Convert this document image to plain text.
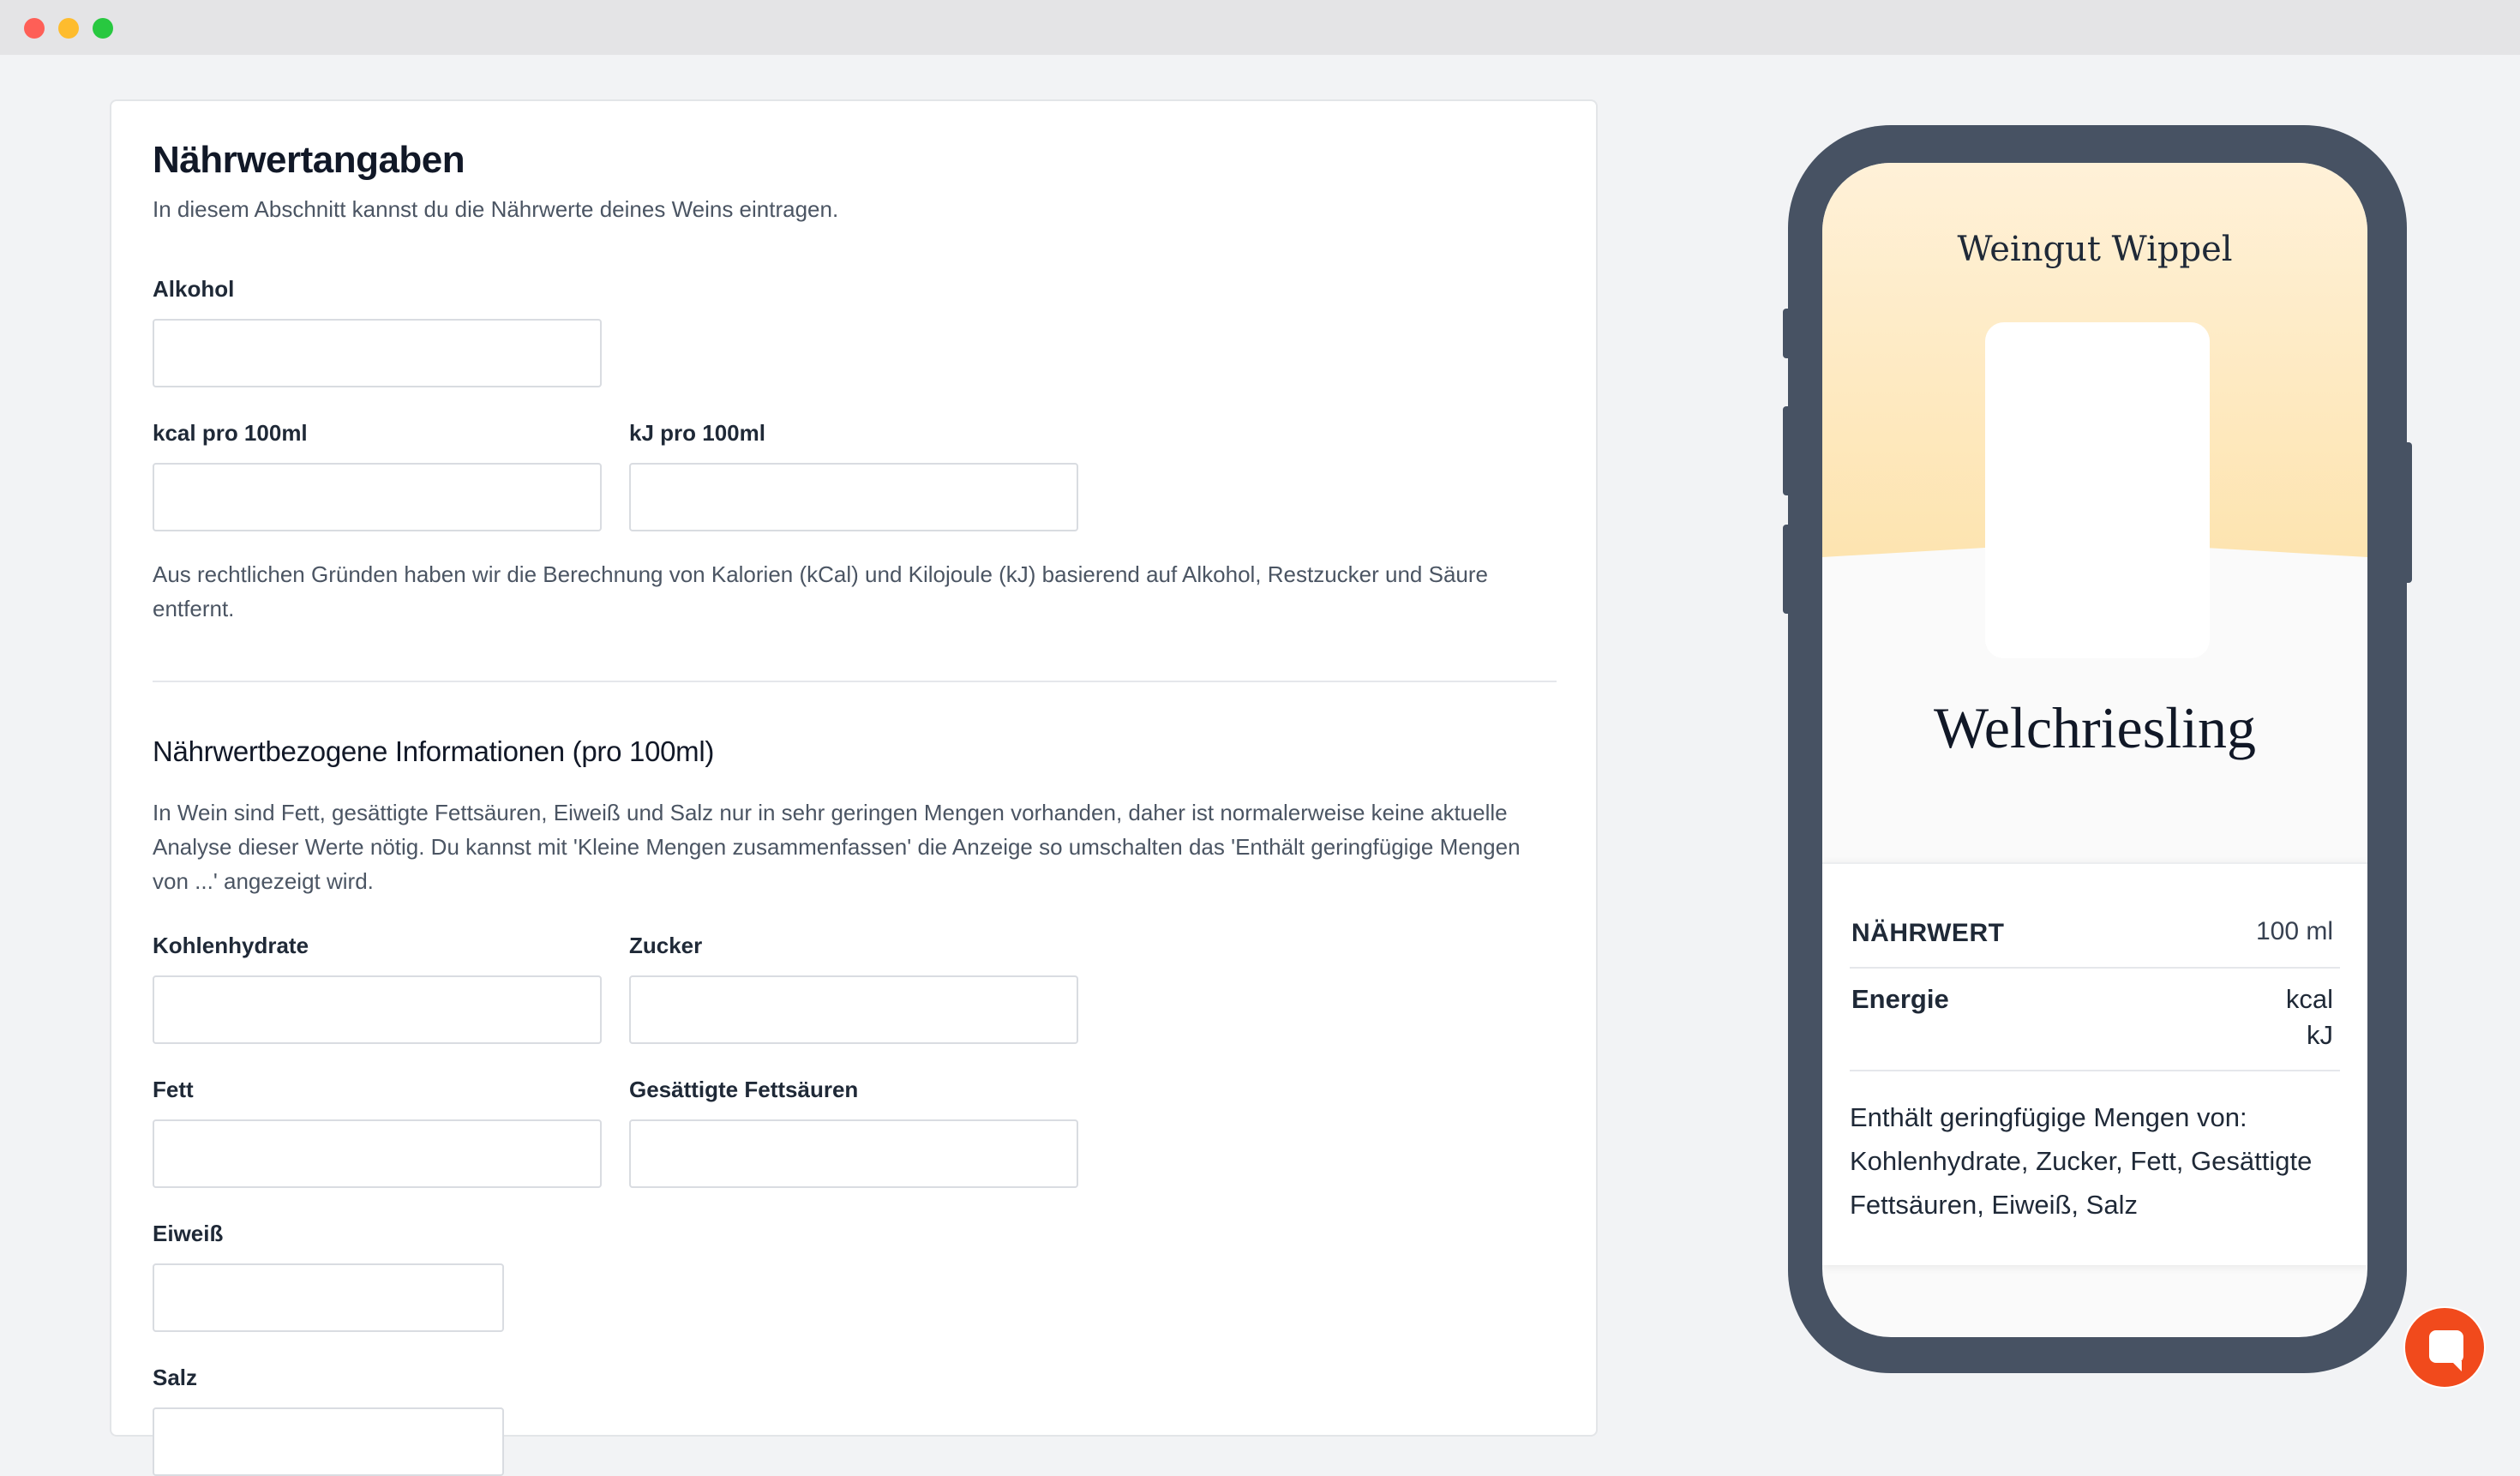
Nährwertangaben
In diesem Abschnitt kannst du die Nährwerte deines Weins eintragen.
Alkohol
kcal pro 100ml	kJ pro 100ml
Aus rechtlichen Gründen haben wir die Berechnung von Kalorien (kCal) und Kilojoule (kJ) basierend auf Alkohol, Restzucker und Säure entfernt.
Nährwertbezogene Informationen (pro 100ml)
In Wein sind Fett, gesättigte Fettsäuren, Eiweiß und Salz nur in sehr geringen Mengen vorhanden, daher ist normalerweise keine aktuelle Analyse dieser Werte nötig. Du kannst mit 'Kleine Mengen zusammenfassen' die Anzeige so umschalten das 'Enthält geringfügige Mengen von ...' angezeigt wird.
Kohlenhydrate	Zucker
Fett	Gesättigte Fettsäuren
Eiweiß
Salz
Weingut Wippel
Welchriesling
NÄHRWERT	100 ml
Energie	kcal
kJ
Enthält geringfügige Mengen von: Kohlenhydrate, Zucker, Fett, Gesättigte Fettsäuren, Eiweiß, Salz
